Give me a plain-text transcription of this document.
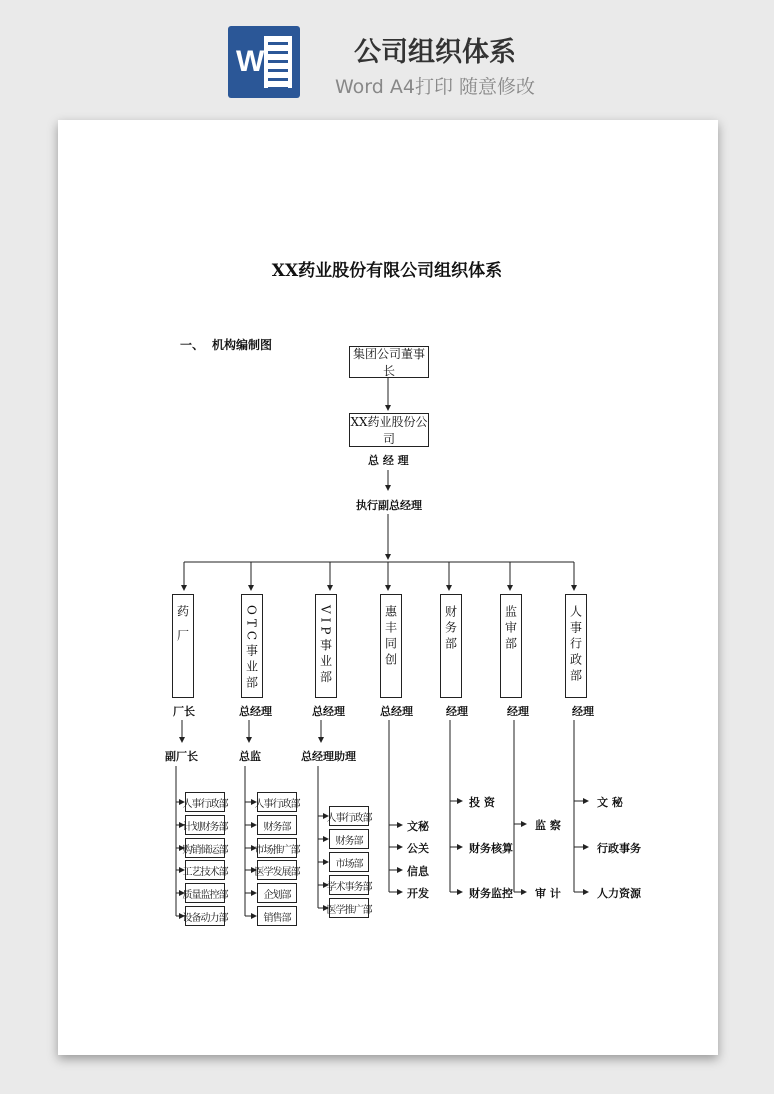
W	公司组织体系
Word A4打印 随意修改
XX药业股份有限公司组织体系
一、 机构编制图
集团公司董事长
XX药业股份公司
总 经 理
执行副总经理
药 厂	OTC事业部	VIP事业部	惠丰同创	财务部	监审部	人事行政部
厂长	总经理	总经理	总经理	经理	经理	经理
副厂长	总监	总经理助理
人事行政部
计划财务部
购销储运部
工艺技术部
质量监控部
设备动力部
人事行政部
财务部
市场推广部
医学发展部
企划部
销售部
人事行政部
财务部
市场部
学术事务部
医学推广部
文秘
公关
信息
开发
投 资
财务核算
财务监控
监 察
审 计
文 秘
行政事务
人力资源
